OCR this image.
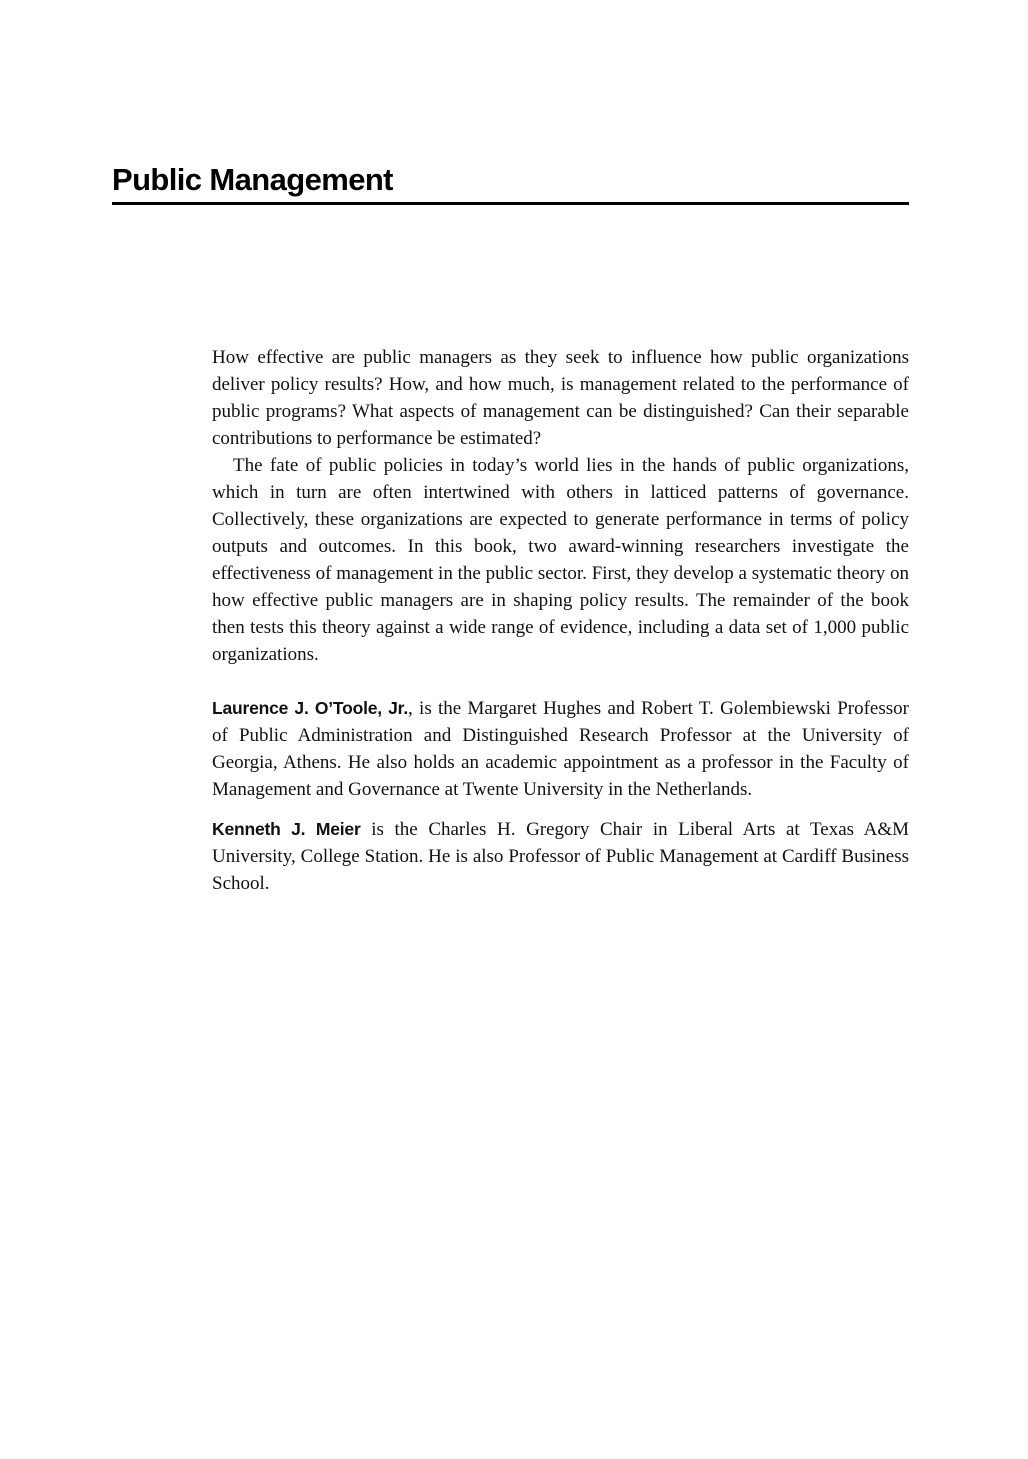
Public Management

How effective are public managers as they seek to influence how public organizations deliver policy results? How, and how much, is management related to the performance of public programs? What aspects of management can be distinguished? Can their separable contributions to performance be estimated?

The fate of public policies in today’s world lies in the hands of public organizations, which in turn are often intertwined with others in latticed patterns of governance. Collectively, these organizations are expected to generate performance in terms of policy outputs and outcomes. In this book, two award-winning researchers investigate the effectiveness of management in the public sector. First, they develop a systematic theory on how effective public managers are in shaping policy results. The remainder of the book then tests this theory against a wide range of evidence, including a data set of 1,000 public organizations.

Laurence J. O’Toole, Jr., is the Margaret Hughes and Robert T. Golembiewski Professor of Public Administration and Distinguished Research Professor at the University of Georgia, Athens. He also holds an academic appointment as a professor in the Faculty of Management and Governance at Twente University in the Netherlands.

Kenneth J. Meier is the Charles H. Gregory Chair in Liberal Arts at Texas A&M University, College Station. He is also Professor of Public Management at Cardiff Business School.
